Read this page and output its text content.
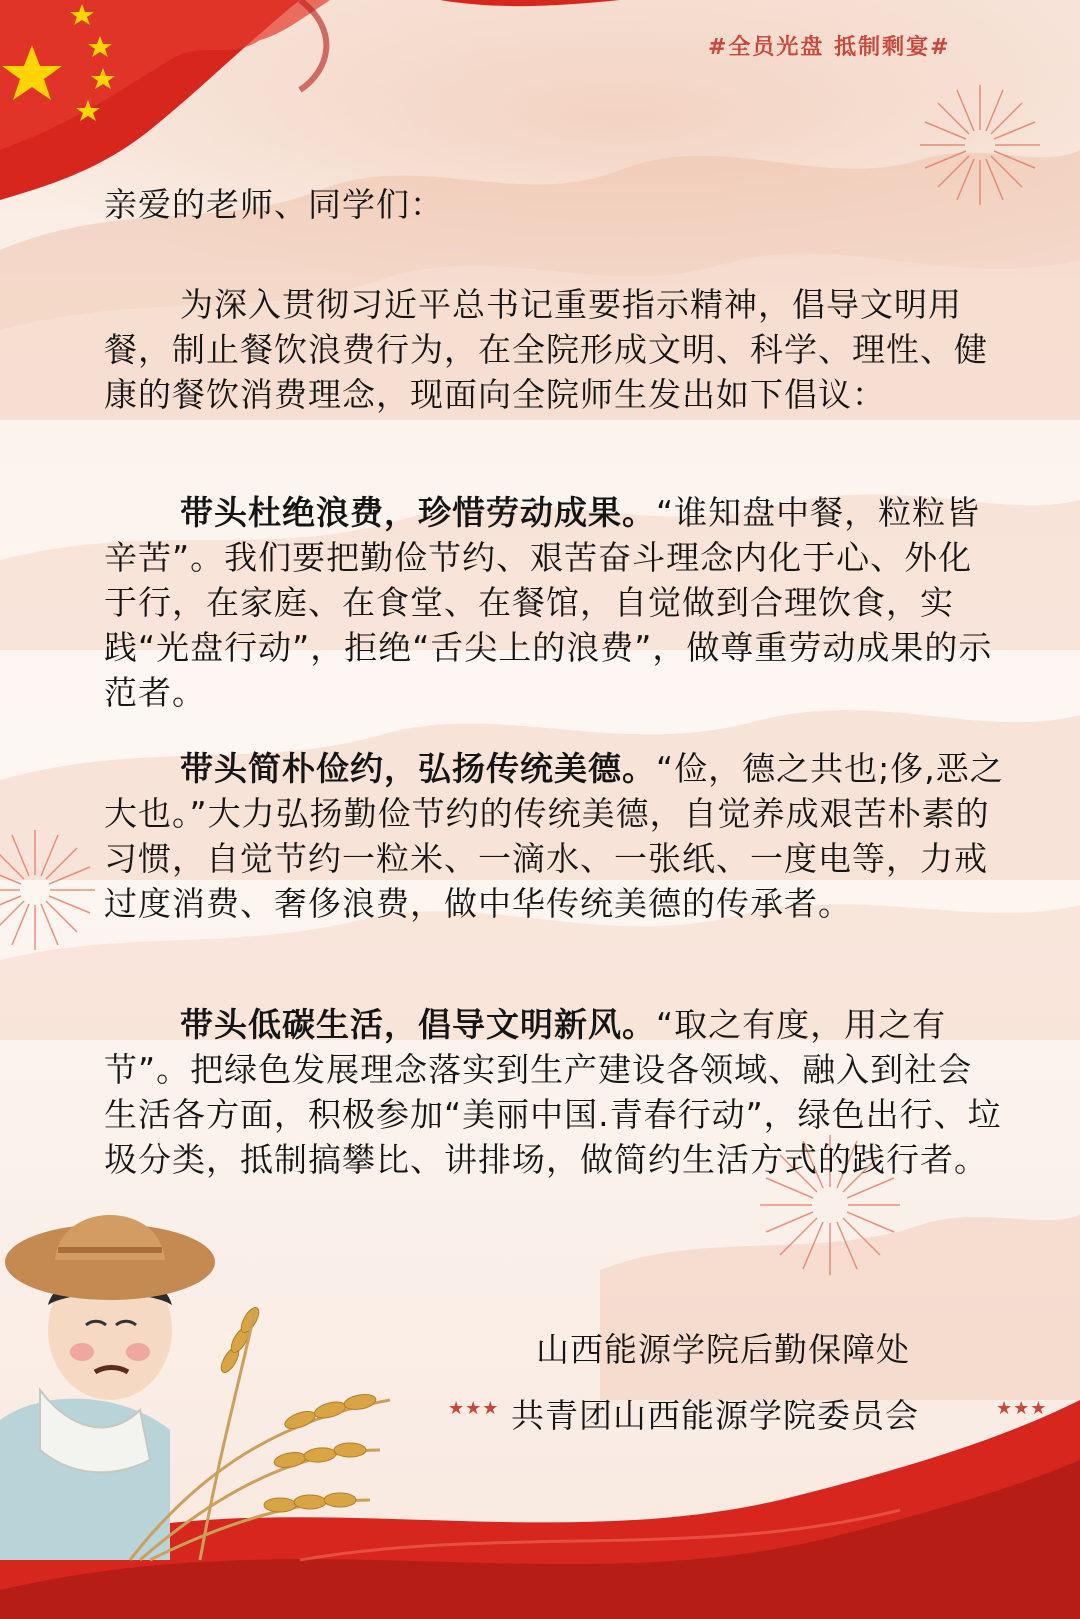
#全员光盘 抵制剩宴#
亲爱的老师、同学们：
为深入贯彻习近平总书记重要指示精神，倡导文明用餐，制止餐饮浪费行为，在全院形成文明、科学、理性、健康的餐饮消费理念，现面向全院师生发出如下倡议：
带头杜绝浪费，珍惜劳动成果。“谁知盘中餐，粒粒皆辛苦”。我们要把勤俭节约、艰苦奋斗理念内化于心、外化于行，在家庭、在食堂、在餐馆，自觉做到合理饮食，实践“光盘行动”，拒绝“舌尖上的浪费”，做尊重劳动成果的示范者。
带头简朴俭约，弘扬传统美德。“俭，德之共也;侈,恶之大也。”大力弘扬勤俭节约的传统美德，自觉养成艰苦朴素的习惯，自觉节约一粒米、一滴水、一张纸、一度电等，力戒过度消费、奢侈浪费，做中华传统美德的传承者。
带头低碳生活，倡导文明新风。“取之有度，用之有节”。把绿色发展理念落实到生产建设各领域、融入到社会生活各方面，积极参加“美丽中国.青春行动”，绿色出行、垃圾分类，抵制搞攀比、讲排场，做简约生活方式的践行者。
山西能源学院后勤保障处
★★★ 共青团山西能源学院委员会	★★★
